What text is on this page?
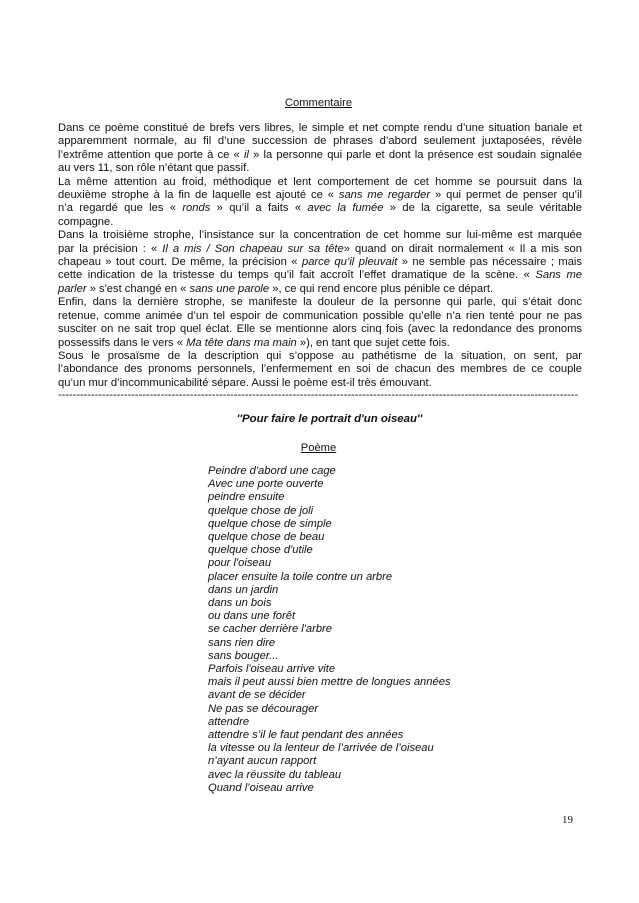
Commentaire
Dans ce poème constitué de brefs vers libres, le simple et net compte rendu d’une situation banale et
apparemment normale, au fil d’une succession de phrases d’abord seulement juxtaposées, révèle
l’extrême attention que porte à ce « il » la personne qui parle et dont la présence est soudain signalée
au vers 11, son rôle n’étant que passif.
La même attention au froid, méthodique et lent comportement de cet homme se poursuit dans la
deuxième strophe à la fin de laquelle est ajouté ce « sans me regarder » qui permet de penser qu’il
n’a regardé que les « ronds » qu’il a faits « avec la fumée » de la cigarette, sa seule véritable
compagne.
Dans la troisième strophe, l’insistance sur la concentration de cet homme sur lui-même est marquée
par la précision : « Il a mis / Son chapeau sur sa tête» quand on dirait normalement « Il a mis son
chapeau » tout court. De même, la précision « parce qu’il pleuvait » ne semble pas nécessaire ; mais
cette indication de la tristesse du temps qu’il fait accroît l’effet dramatique de la scène. « Sans me
parler » s'est changé en « sans une parole », ce qui rend encore plus pénible ce départ.
Enfin, dans la dernière strophe, se manifeste la douleur de la personne qui parle, qui s’était donc
retenue, comme animée d’un tel espoir de communication possible qu’elle n’a rien tenté pour ne pas
susciter on ne sait trop quel éclat. Elle se mentionne alors cinq fois (avec la redondance des pronoms
possessifs dans le vers « Ma tête dans ma main »), en tant que sujet cette fois.
Sous le prosaïsme de la description qui s’oppose au pathétisme de la situation, on sent, par
l’abondance des pronoms personnels, l’enfermement en soi de chacun des membres de ce couple
qu’un mur d’incommunicabilité sépare. Aussi le poème est-il très émouvant.
----------------------------------------------------------------------------------------------------------------------------------------------
''Pour faire le portrait d'un oiseau''
Poème
Peindre d'abord une cage
Avec une porte ouverte
peindre ensuite
quelque chose de joli
quelque chose de simple
quelque chose de beau
quelque chose d'utile
pour l'oiseau
placer ensuite la toile contre un arbre
dans un jardin
dans un bois
ou dans une forêt
se cacher derrière l'arbre
sans rien dire
sans bouger...
Parfois l'oiseau arrive vite
mais il peut aussi bien mettre de longues années
avant de se décider
Ne pas se décourager
attendre
attendre s’il le faut pendant des années
la vitesse ou la lenteur de l’arrivée de l’oiseau
n’ayant aucun rapport
avec la réussite du tableau
Quand l’oiseau arrive
19
